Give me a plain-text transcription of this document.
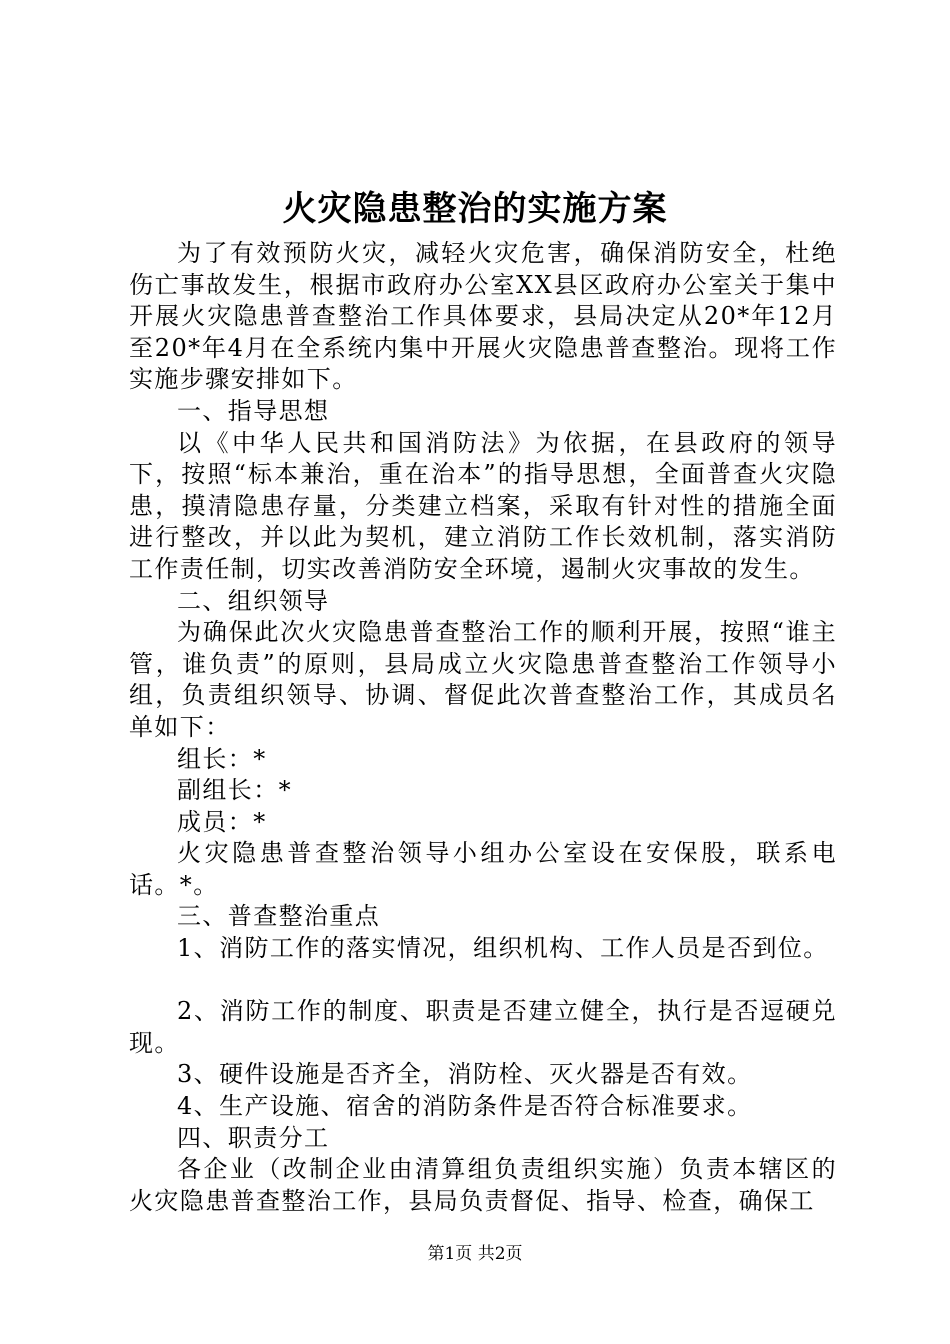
火灾隐患整治的实施方案

为了有效预防火灾，减轻火灾危害，确保消防安全，杜绝伤亡事故发生，根据市政府办公室XX县区政府办公室关于集中开展火灾隐患普查整治工作具体要求，县局决定从20*年12月至20*年4月在全系统内集中开展火灾隐患普查整治。现将工作实施步骤安排如下。

一、指导思想

以《中华人民共和国消防法》为依据，在县政府的领导下，按照“标本兼治，重在治本”的指导思想，全面普查火灾隐患，摸清隐患存量，分类建立档案，采取有针对性的措施全面进行整改，并以此为契机，建立消防工作长效机制，落实消防工作责任制，切实改善消防安全环境，遏制火灾事故的发生。

二、组织领导

为确保此次火灾隐患普查整治工作的顺利开展，按照“谁主管，谁负责”的原则，县局成立火灾隐患普查整治工作领导小组，负责组织领导、协调、督促此次普查整治工作，其成员名单如下：

组长：*

副组长：*

成员：*

火灾隐患普查整治领导小组办公室设在安保股，联系电话。*。

三、普查整治重点

1、消防工作的落实情况，组织机构、工作人员是否到位。

2、消防工作的制度、职责是否建立健全，执行是否逗硬兑现。

3、硬件设施是否齐全，消防栓、灭火器是否有效。

4、生产设施、宿舍的消防条件是否符合标准要求。

四、职责分工

各企业（改制企业由清算组负责组织实施）负责本辖区的火灾隐患普查整治工作，县局负责督促、指导、检查，确保工

第1页 共2页
